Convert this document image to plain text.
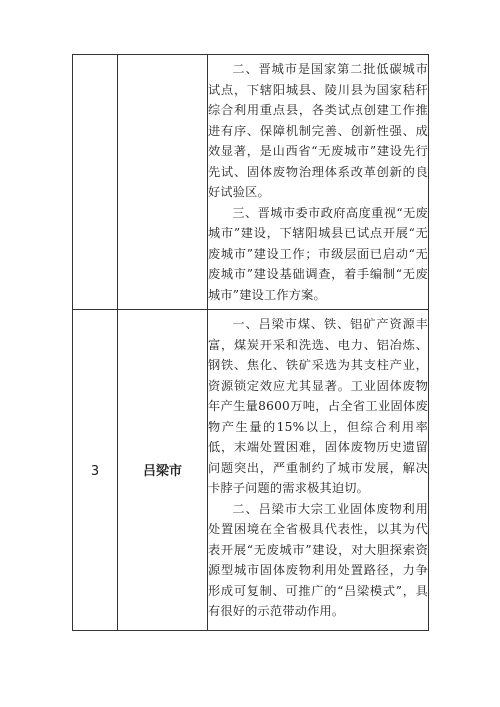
		二、晋城市是国家第二批低碳城市试点，下辖阳城县、陵川县为国家秸秆综合利用重点县，各类试点创建工作推进有序、保障机制完善、创新性强、成效显著，是山西省“无废城市”建设先行先试、固体废物治理体系改革创新的良好试验区。

三、晋城市委市政府高度重视“无废城市”建设，下辖阳城县已试点开展“无废城市”建设工作；市级层面已启动“无废城市”建设基础调查，着手编制“无废城市”建设工作方案。

3	吕梁市	一、吕梁市煤、铁、铝矿产资源丰富，煤炭开采和洗选、电力、铝冶炼、钢铁、焦化、铁矿采选为其支柱产业，资源锁定效应尤其显著。工业固体废物年产生量8600万吨，占全省工业固体废物产生量的15%以上，但综合利用率低，末端处置困难，固体废物历史遗留问题突出，严重制约了城市发展，解决卡脖子问题的需求极其迫切。

二、吕梁市大宗工业固体废物利用处置困境在全省极具代表性，以其为代表开展“无废城市”建设，对大胆探索资源型城市固体废物利用处置路径，力争形成可复制、可推广的“吕梁模式”，具有很好的示范带动作用。
